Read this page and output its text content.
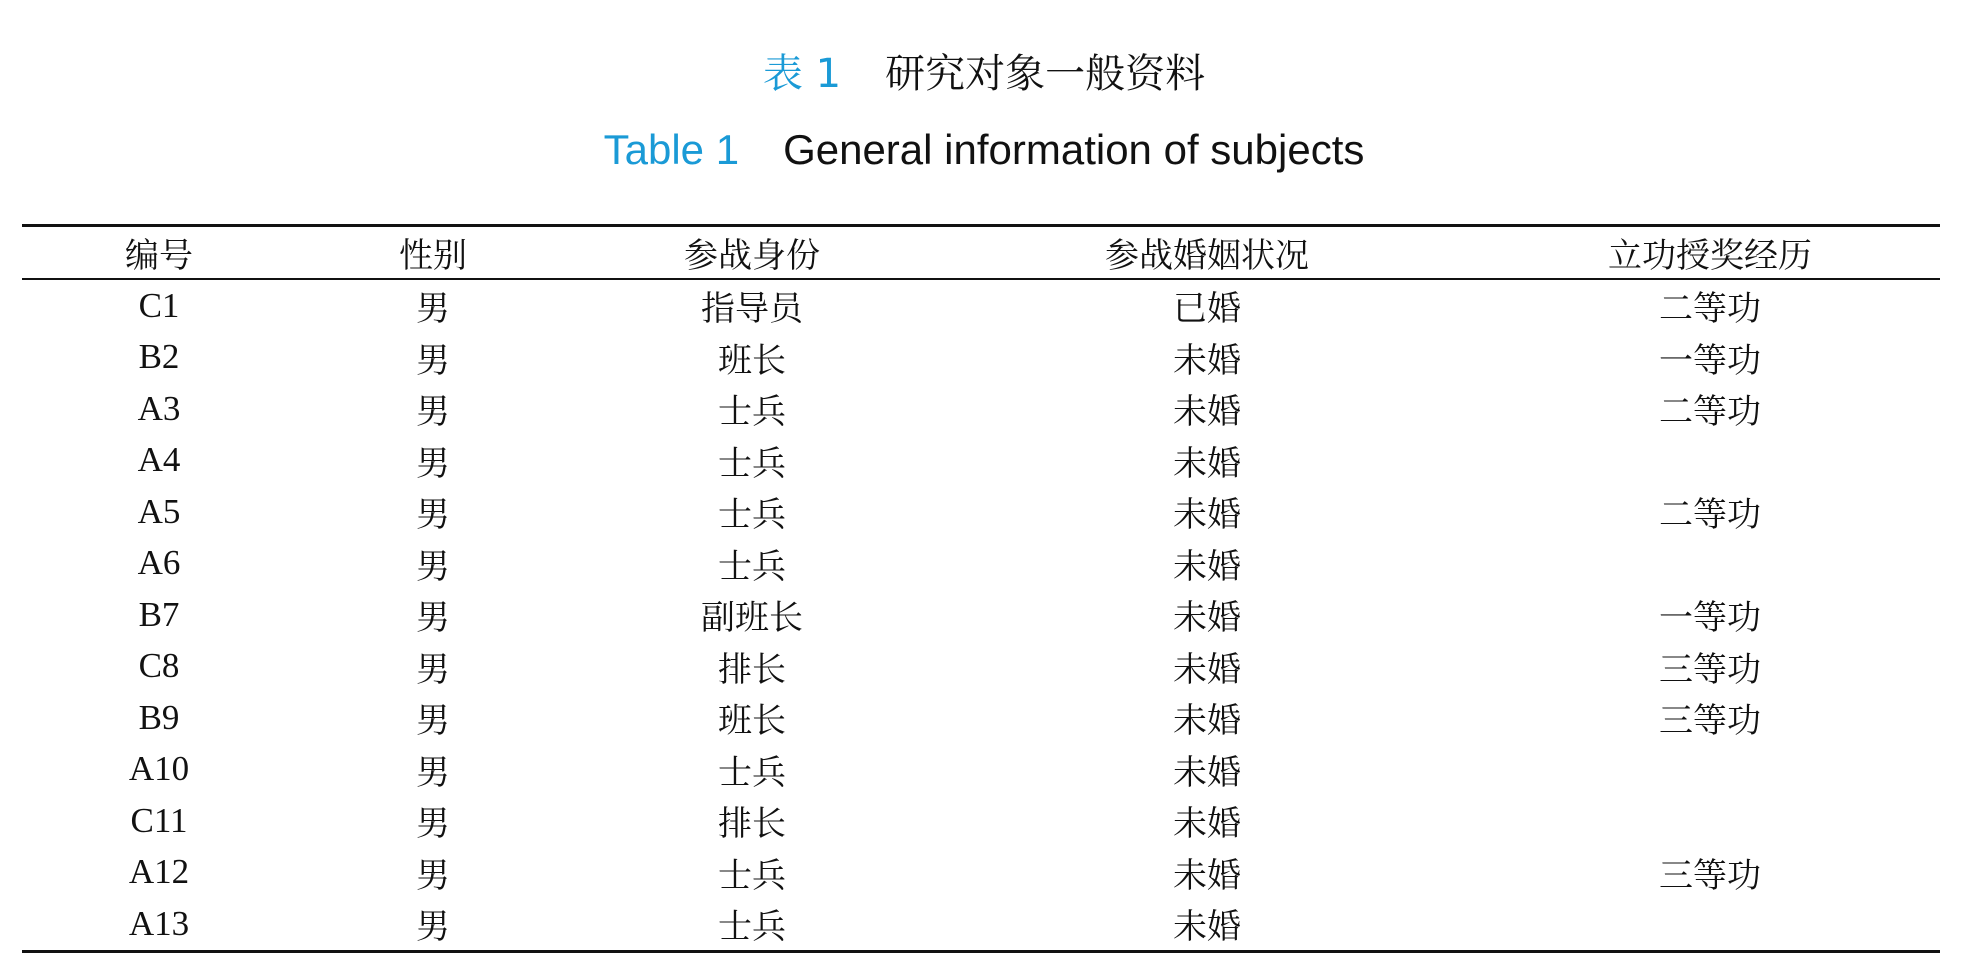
表 1 研究对象一般资料
Table 1 General information of subjects
编号	性别	参战身份	参战婚姻状况	立功授奖经历
C1	男	指导员	已婚	二等功
B2	男	班长	未婚	一等功
A3	男	士兵	未婚	二等功
A4	男	士兵	未婚	
A5	男	士兵	未婚	二等功
A6	男	士兵	未婚	
B7	男	副班长	未婚	一等功
C8	男	排长	未婚	三等功
B9	男	班长	未婚	三等功
A10	男	士兵	未婚	
C11	男	排长	未婚	
A12	男	士兵	未婚	三等功
A13	男	士兵	未婚	
